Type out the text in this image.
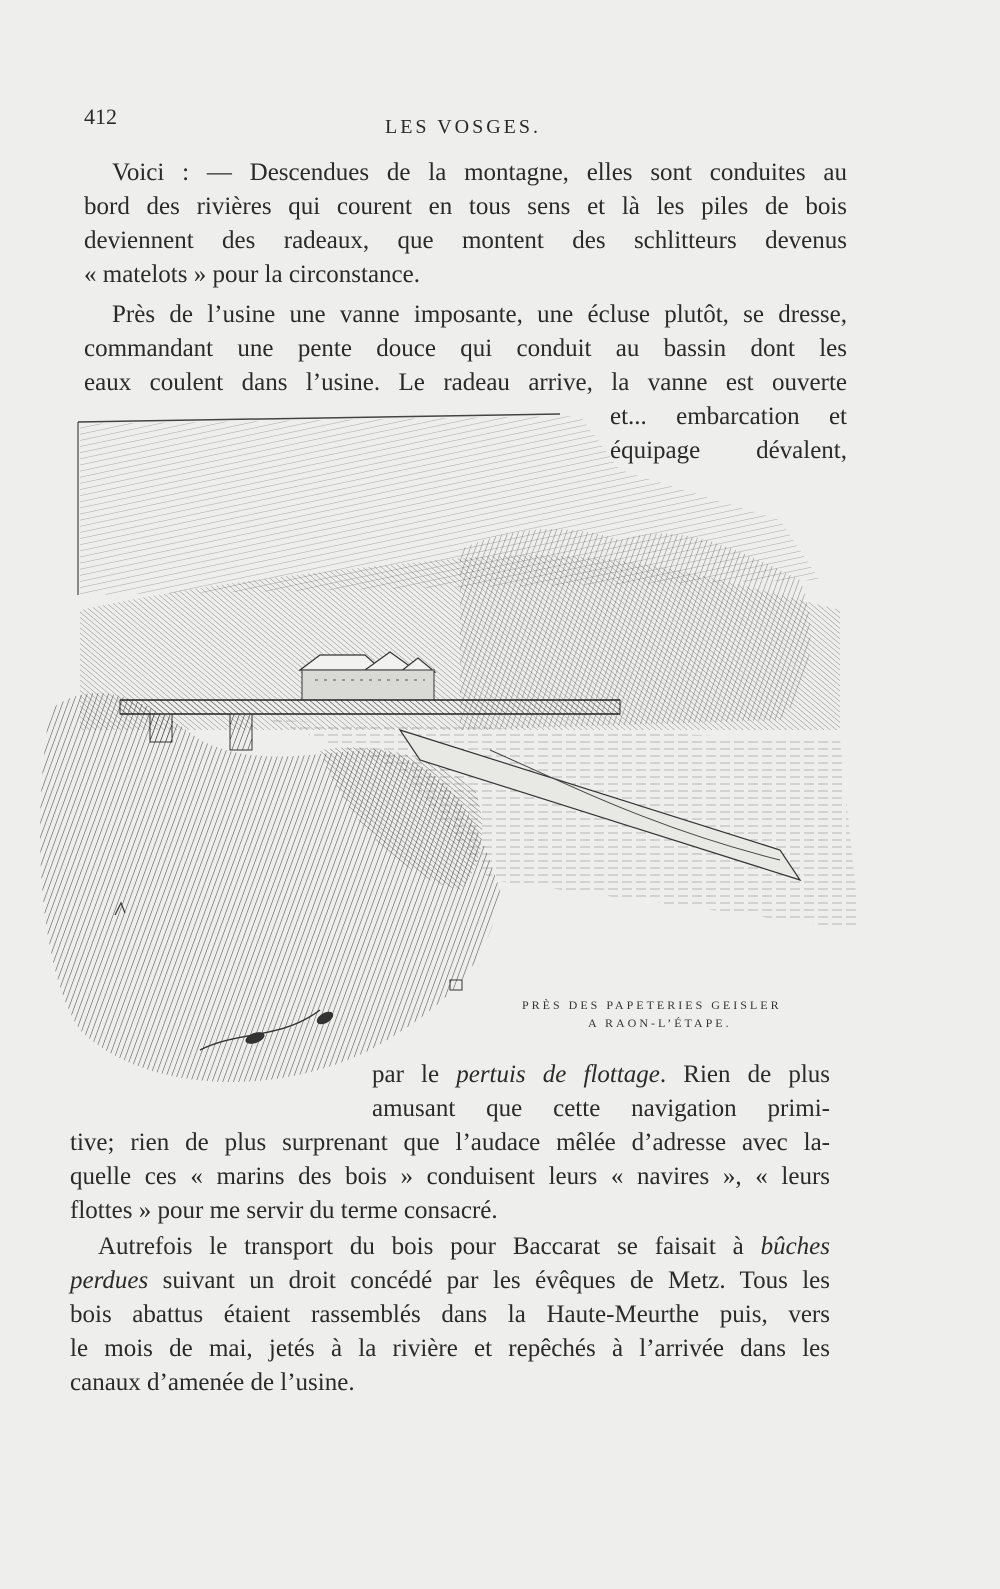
412	LES VOSGES.
Voici : — Descendues de la montagne, elles sont conduites au
bord des rivières qui courent en tous sens et là les piles de bois
deviennent des radeaux, que montent des schlitteurs devenus
« matelots » pour la circonstance.
Près de l’usine une vanne imposante, une écluse plutôt, se dresse,
commandant une pente douce qui conduit au bassin dont les
eaux coulent dans l’usine. Le radeau arrive, la vanne est ouverte
et... embarcation et
équipage dévalent,
PRÈS DES PAPETERIES GEISLER
A RAON-L’ÉTAPE.
par le pertuis de flottage. Rien de plus
amusant que cette navigation primi-
tive; rien de plus surprenant que l’audace mêlée d’adresse avec la-
quelle ces « marins des bois » conduisent leurs « navires », « leurs
flottes » pour me servir du terme consacré.
Autrefois le transport du bois pour Baccarat se faisait à bûches
perdues suivant un droit concédé par les évêques de Metz. Tous les
bois abattus étaient rassemblés dans la Haute-Meurthe puis, vers
le mois de mai, jetés à la rivière et repêchés à l’arrivée dans les
canaux d’amenée de l’usine.
